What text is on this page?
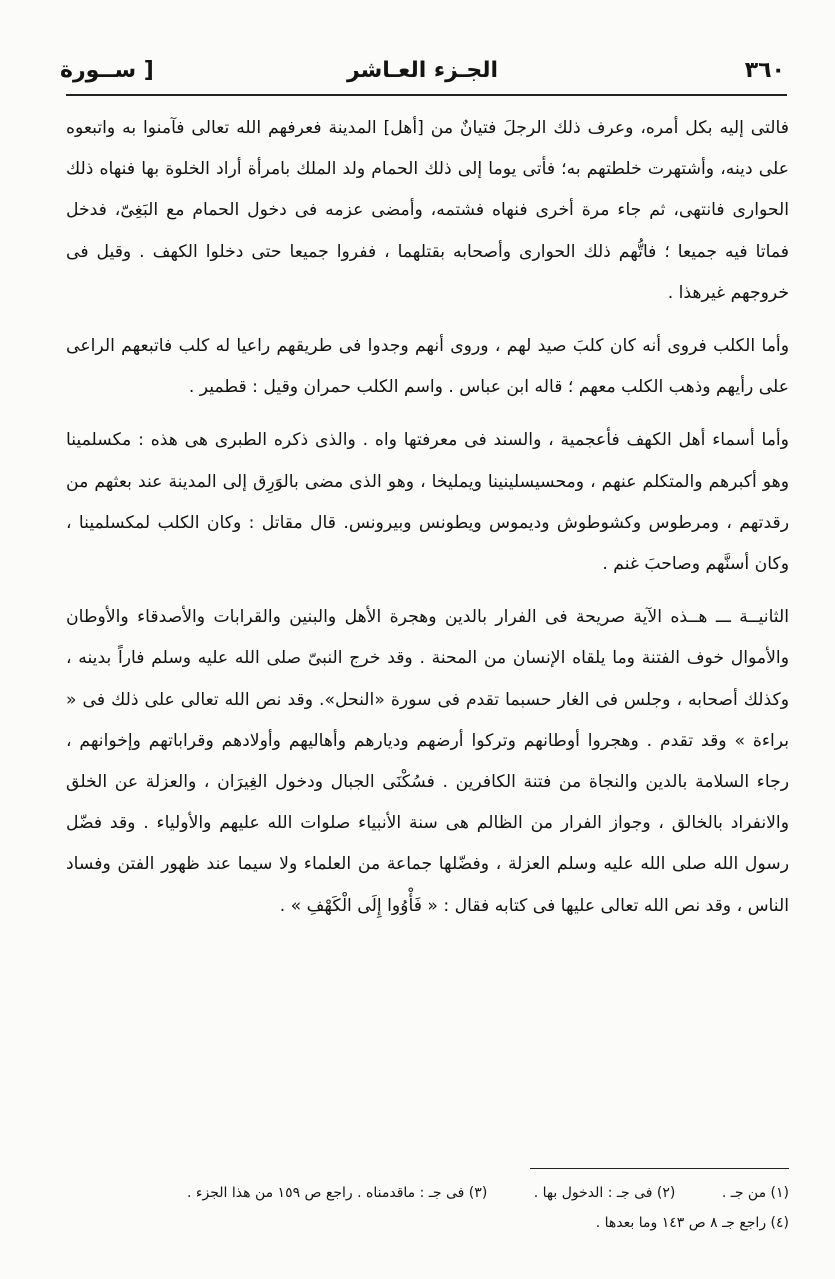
٣٦٠
الجـزء العـاشر
[ ســورة

فالتى إليه بكل أمره، وعرف ذلك الرجلَ فتيانٌ من [أهل] المدينة فعرفهم الله تعالى فآمنوا به واتبعوه على دينه، وأشتهرت خلطتهم به؛ فأتى يوما إلى ذلك الحمام ولد الملك بامرأة أراد الخلوة بها فنهاه ذلك الحوارى فانتهى، ثم جاء مرة أخرى فنهاه فشتمه، وأمضى عزمه فى دخول الحمام مع البَغِىّ، فدخل فماتا فيه جميعا ؛ فاتُّهم ذلك الحوارى وأصحابه بقتلهما ، ففروا جميعا حتى دخلوا الكهف . وقيل فى خروجهم غيرهذا .

وأما الكلب فروى أنه كان كلبَ صيد لهم ، وروى أنهم وجدوا فى طريقهم راعيا له كلب فاتبعهم الراعى على رأيهم وذهب الكلب معهم ؛ قاله ابن عباس . واسم الكلب حمران وقيل : قطمير .

وأما أسماء أهل الكهف فأعجمية ، والسند فى معرفتها واه . والذى ذكره الطبرى هى هذه : مكسلمينا وهو أكبرهم والمتكلم عنهم ، ومحسيسلينينا ويمليخا ، وهو الذى مضى بالوَرِق إلى المدينة عند بعثهم من رقدتهم ، ومرطوس وكشوطوش وديموس ويطونس وبيرونس. قال مقاتل : وكان الكلب لمكسلمينا ، وكان أسنَّهم وصاحبَ غنم .

الثانيــة ـــ هــذه الآية صريحة فى الفرار بالدين وهجرة الأهل والبنين والقرابات والأصدقاء والأوطان والأموال خوف الفتنة وما يلقاه الإنسان من المحنة . وقد خرج النبىّ صلى الله عليه وسلم فاراً بدينه ، وكذلك أصحابه ، وجلس فى الغار حسبما تقدم فى سورة «النحل». وقد نص الله تعالى على ذلك فى « براءة » وقد تقدم . وهجروا أوطانهم وتركوا أرضهم وديارهم وأهاليهم وأولادهم وقراباتهم وإخوانهم ، رجاء السلامة بالدين والنجاة من فتنة الكافرين . فسُكْنَى الجبال ودخول الغِيرَان ، والعزلة عن الخلق والانفراد بالخالق ، وجواز الفرار من الظالم هى سنة الأنبياء صلوات الله عليهم والأولياء . وقد فضّل رسول الله صلى الله عليه وسلم العزلة ، وفضّلها جماعة من العلماء ولا سيما عند ظهور الفتن وفساد الناس ، وقد نص الله تعالى عليها فى كتابه فقال : « فَأْوُوا إِلَى الْكَهْفِ » .

(١) من جـ . (٢) فى جـ : الدخول بها . (٣) فى جـ : ماقدمناه . راجع ص ١٥٩ من هذا الجزء .
(٤) راجع جـ ٨ ص ١٤٣ وما بعدها .
